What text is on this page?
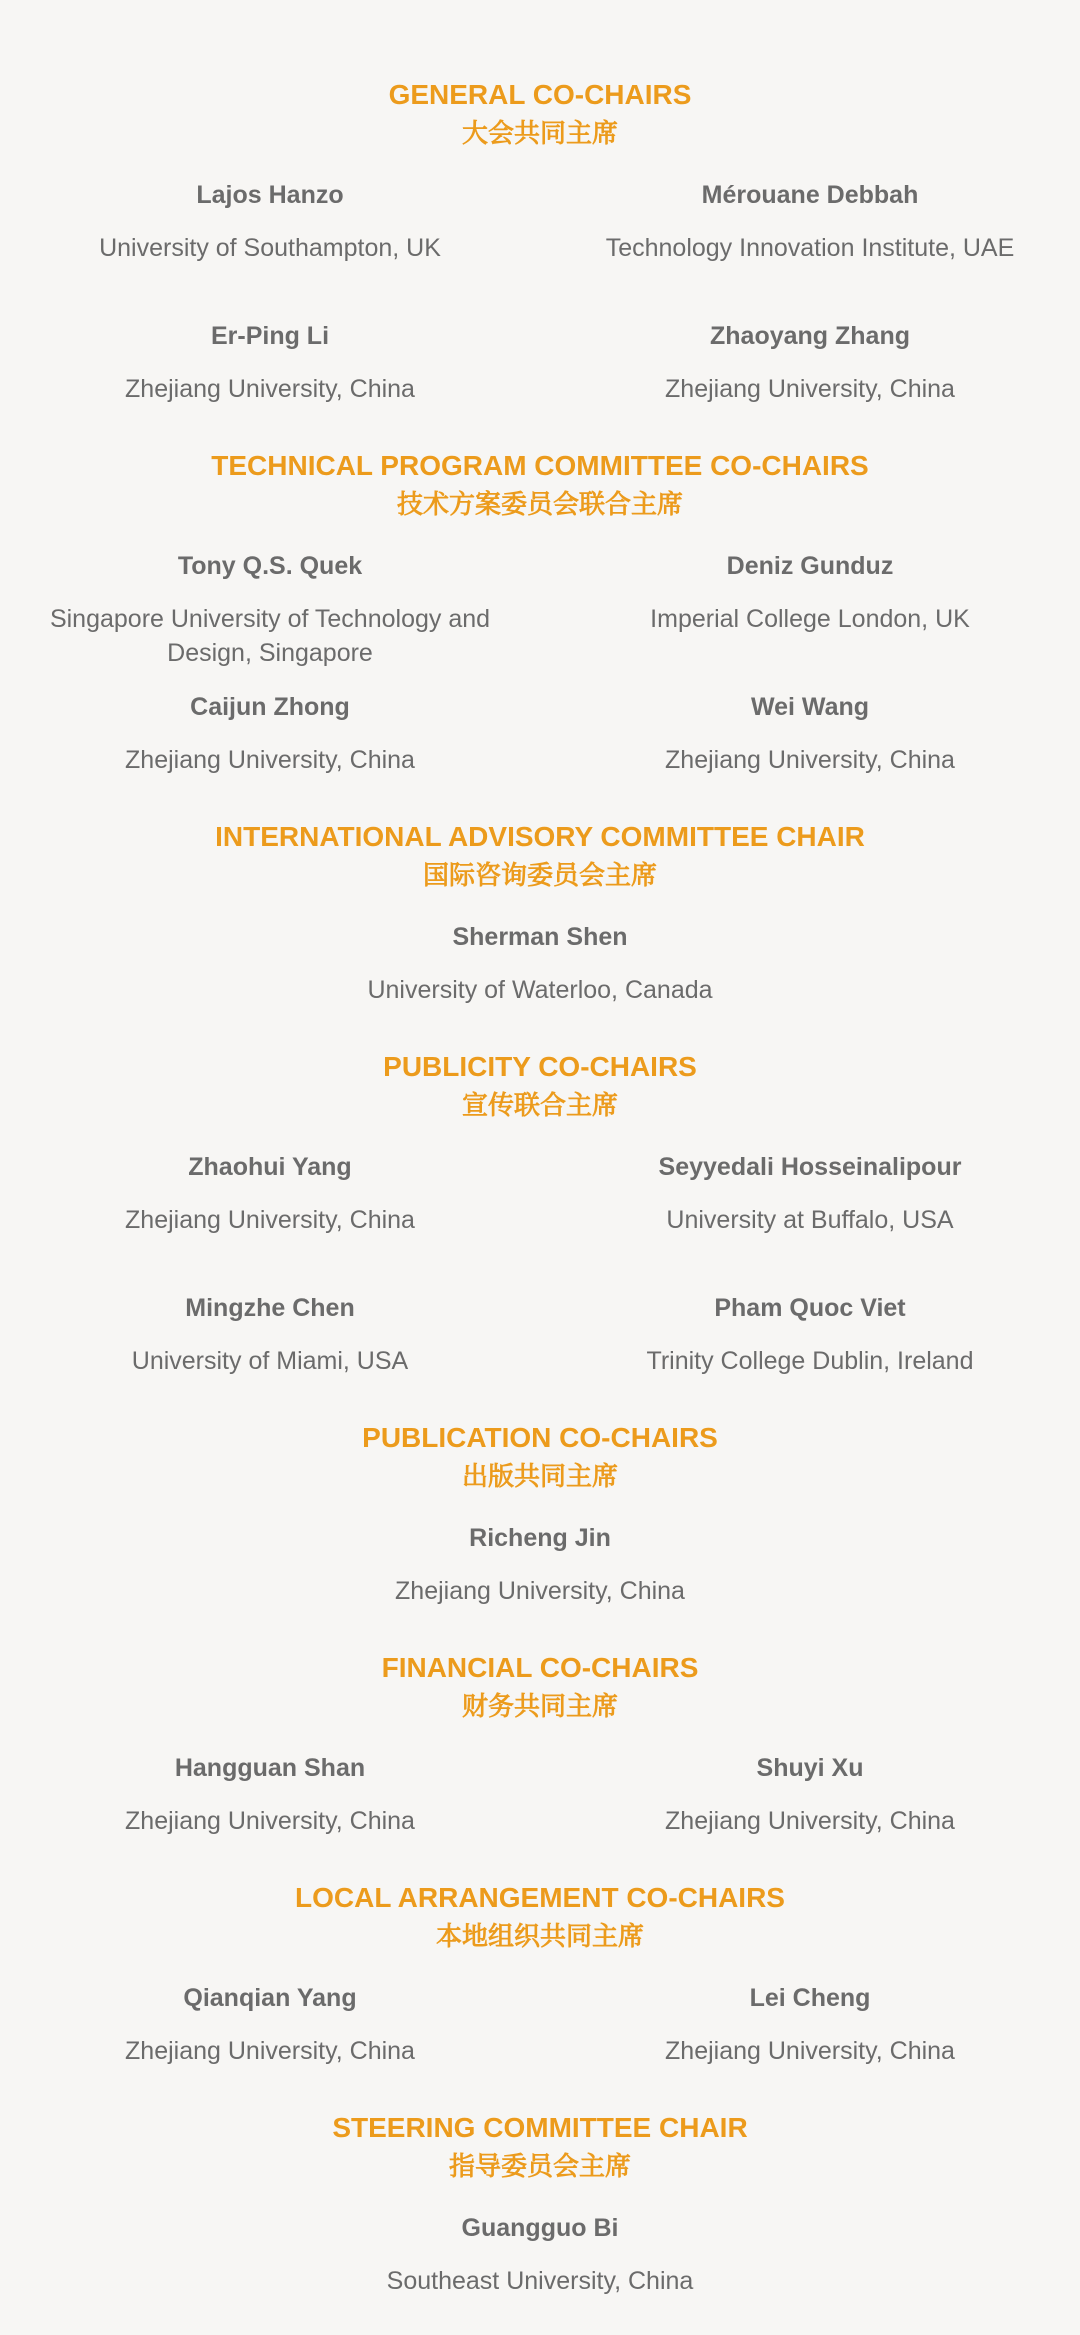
GENERAL CO-CHAIRS
大会共同主席
Lajos Hanzo
University of Southampton, UK
Mérouane Debbah
Technology Innovation Institute, UAE
Er-Ping Li
Zhejiang University, China
Zhaoyang Zhang
Zhejiang University, China
TECHNICAL PROGRAM COMMITTEE CO-CHAIRS
技术方案委员会联合主席
Tony Q.S. Quek
Singapore University of Technology and Design, Singapore
Deniz Gunduz
Imperial College London, UK
Caijun Zhong
Zhejiang University, China
Wei Wang
Zhejiang University, China
INTERNATIONAL ADVISORY COMMITTEE CHAIR
国际咨询委员会主席
Sherman Shen
University of Waterloo, Canada
PUBLICITY CO-CHAIRS
宣传联合主席
Zhaohui Yang
Zhejiang University, China
Seyyedali Hosseinalipour
University at Buffalo, USA
Mingzhe Chen
University of Miami, USA
Pham Quoc Viet
Trinity College Dublin, Ireland
PUBLICATION CO-CHAIRS
出版共同主席
Richeng Jin
Zhejiang University, China
FINANCIAL CO-CHAIRS
财务共同主席
Hangguan Shan
Zhejiang University, China
Shuyi Xu
Zhejiang University, China
LOCAL ARRANGEMENT CO-CHAIRS
本地组织共同主席
Qianqian Yang
Zhejiang University, China
Lei Cheng
Zhejiang University, China
STEERING COMMITTEE CHAIR
指导委员会主席
Guangguo Bi
Southeast University, China
